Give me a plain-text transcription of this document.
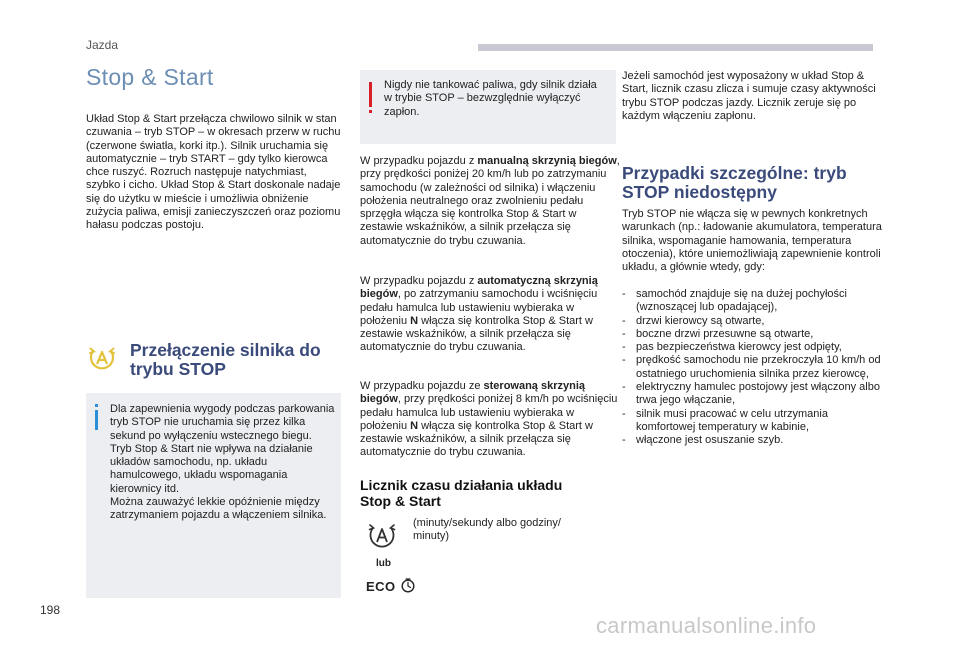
Jazda
Stop & Start
Układ Stop & Start przełącza chwilowo silnik w stan czuwania – tryb STOP – w okresach przerw w ruchu (czerwone światła, korki itp.). Silnik uruchamia się automatycznie – tryb START – gdy tylko kierowca chce ruszyć. Rozruch następuje natychmiast, szybko i cicho. Układ Stop & Start doskonale nadaje się do użytku w mieście i umożliwia obniżenie zużycia paliwa, emisji zanieczyszczeń oraz poziomu hałasu podczas postoju.
Przełączenie silnika do
trybu STOP
Dla zapewnienia wygody podczas parkowania tryb STOP nie uruchamia się przez kilka sekund po wyłączeniu wstecznego biegu.
Tryb Stop & Start nie wpływa na działanie układów samochodu, np. układu hamulcowego, układu wspomagania kierownicy itd.
Można zauważyć lekkie opóźnienie między zatrzymaniem pojazdu a włączeniem silnika.
Nigdy nie tankować paliwa, gdy silnik działa w trybie STOP – bezwzględnie wyłączyć zapłon.
W przypadku pojazdu z manualną skrzynią biegów, przy prędkości poniżej 20 km/h lub po zatrzymaniu samochodu (w zależności od silnika) i włączeniu położenia neutralnego oraz zwolnieniu pedału sprzęgła włącza się kontrolka Stop & Start w zestawie wskaźników, a silnik przełącza się automatycznie do trybu czuwania.
W przypadku pojazdu z automatyczną skrzynią biegów, po zatrzymaniu samochodu i wciśnięciu pedału hamulca lub ustawieniu wybieraka w położeniu N włącza się kontrolka Stop & Start w zestawie wskaźników, a silnik przełącza się automatycznie do trybu czuwania.
W przypadku pojazdu ze sterowaną skrzynią biegów, przy prędkości poniżej 8 km/h po wciśnięciu pedału hamulca lub ustawieniu wybieraka w położeniu N włącza się kontrolka Stop & Start w zestawie wskaźników, a silnik przełącza się automatycznie do trybu czuwania.
Licznik czasu działania układu
Stop & Start
(minuty/sekundy albo godziny/ minuty)
lub
ECO
Jeżeli samochód jest wyposażony w układ Stop & Start, licznik czasu zlicza i sumuje czasy aktywności trybu STOP podczas jazdy. Licznik zeruje się po każdym włączeniu zapłonu.
Przypadki szczególne: tryb
STOP niedostępny
Tryb STOP nie włącza się w pewnych konkretnych warunkach (np.: ładowanie akumulatora, temperatura silnika, wspomaganie hamowania, temperatura otoczenia), które uniemożliwiają zapewnienie kontroli układu, a głównie wtedy, gdy:
- samochód znajduje się na dużej pochyłości (wznoszącej lub opadającej),
- drzwi kierowcy są otwarte,
- boczne drzwi przesuwne są otwarte,
- pas bezpieczeństwa kierowcy jest odpięty,
- prędkość samochodu nie przekroczyła 10 km/h od ostatniego uruchomienia silnika przez kierowcę,
- elektryczny hamulec postojowy jest włączony albo trwa jego włączanie,
- silnik musi pracować w celu utrzymania komfortowej temperatury w kabinie,
- włączone jest osuszanie szyb.
198
carmanualsonline.info
